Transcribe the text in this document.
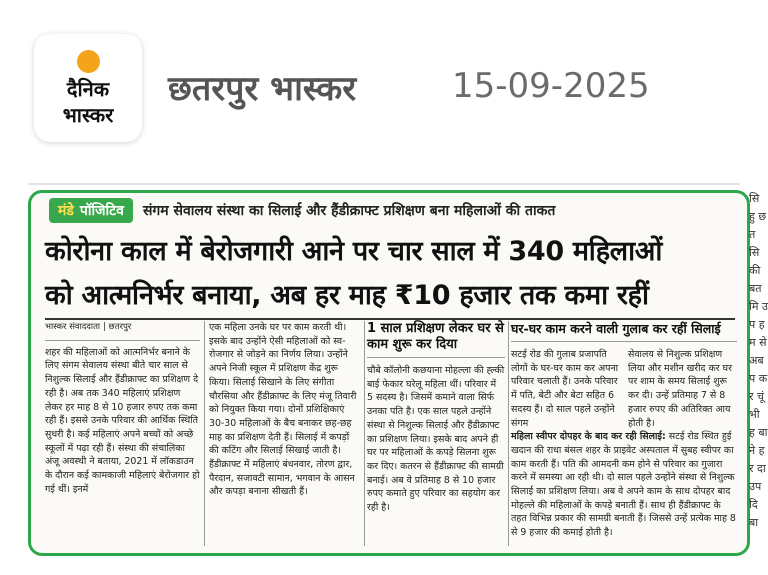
दैनिक
भास्कर
छतरपुर भास्कर	15-09-2025
मंडे पॉजिटिव संगम सेवालय संस्था का सिलाई और हैंडीक्राफ्ट प्रशिक्षण बना महिलाओं की ताकत
कोरोना काल में बेरोजगारी आने पर चार साल में 340 महिलाओं
को आत्मनिर्भर बनाया, अब हर माह ₹10 हजार तक कमा रहीं
भास्कर संवाददाता | छतरपुर

शहर की महिलाओं को आत्मनिर्भर बनाने के लिए संगम सेवालय संस्था बीते चार साल से निशुल्क सिलाई और हैंडीक्राफ्ट का प्रशिक्षण दे रही है। अब तक 340 महिलाएं प्रशिक्षण लेकर हर माह 8 से 10 हजार रुपए तक कमा रही हैं। इससे उनके परिवार की आर्थिक स्थिति सुधरी है। कई महिलाएं अपने बच्चों को अच्छे स्कूलों में पढ़ा रही हैं। संस्था की संचालिका अंजू अवस्थी ने बताया, 2021 में लॉकडाउन के दौरान कई कामकाजी महिलाएं बेरोजगार हो गई थीं। इनमें

एक महिला उनके घर पर काम करती थी। इसके बाद उन्होंने ऐसी महिलाओं को स्व-रोजगार से जोड़ने का निर्णय लिया। उन्होंने अपने निजी स्कूल में प्रशिक्षण केंद्र शुरू किया। सिलाई सिखाने के लिए संगीता चौरसिया और हैंडीक्राफ्ट के लिए मंजू तिवारी को नियुक्त किया गया। दोनों प्रशिक्षिकाएं 30-30 महिलाओं के बैच बनाकर छह-छह माह का प्रशिक्षण देती हैं। सिलाई में कपड़ों की कटिंग और सिलाई सिखाई जाती है। हैंडीक्राफ्ट में महिलाएं बंधनवार, तोरण द्वार, पैरदान, सजावटी सामान, भगवान के आसन और कपड़ा बनाना सीखती हैं।

1 साल प्रशिक्षण लेकर घर से काम शुरू कर दिया

चौबे कॉलोनी कछयाना मोहल्ला की ह्ल्की बाई फेकार घरेलू महिला थीं। परिवार में 5 सदस्य है। जिसमें कमाने वाला सिर्फ उनका पति है। एक साल पहले उन्होंने संस्था से निशुल्क सिलाई और हैंडीक्राफ्ट का प्रशिक्षण लिया। इसके बाद अपने ही घर पर महिलाओं के कपड़े सिलना शुरू कर दिए। कतरन से हैंडीक्राफ्ट की सामग्री बनाई। अब वे प्रतिमाह 8 से 10 हजार रुपए कमाते हुए परिवार का सहयोग कर रही है।

घर-घर काम करने वाली गुलाब कर रहीं सिलाई

सटई रोड की गुलाब प्रजापति लोगों के घर-घर काम कर अपना परिवार चलाती हैं। उनके परिवार में पति, बेटी और बेटा सहित 6 सदस्य हैं। दो साल पहले उन्होंने संगम

सेवालय से निशुल्क प्रशिक्षण लिया और मशीन खरीद कर घर पर शाम के समय सिलाई शुरू कर दी। उन्हें प्रतिमाह 7 से 8 हजार रुपए की अतिरिक्त आय होती है।

महिला स्वीपर दोपहर के बाद कर रही सिलाई: सटई रोड स्थित हुई खदान की राधा बंसल शहर के प्राइवेट अस्पताल में सुबह स्वीपर का काम करती हैं। पति की आमदनी कम होने से परिवार का गुजारा करने में समस्या आ रही थी। दो साल पहले उन्होंने संस्था से निशुल्क सिलाई का प्रशिक्षण लिया। अब वे अपने काम के साथ दोपहर बाद मोहल्ले की महिलाओं के कपड़े बनाती हैं। साथ ही हैंडीक्राफ्ट के तहत विभिन्न प्रकार की सामग्री बनाती हैं। जिससे उन्हें प्रत्येक माह 8 से 9 हजार की कमाई होती है।

सि हु छत सि की बत मि उप हम से अब प कर चूं भी ह बा ने हर दा उप दि बा
